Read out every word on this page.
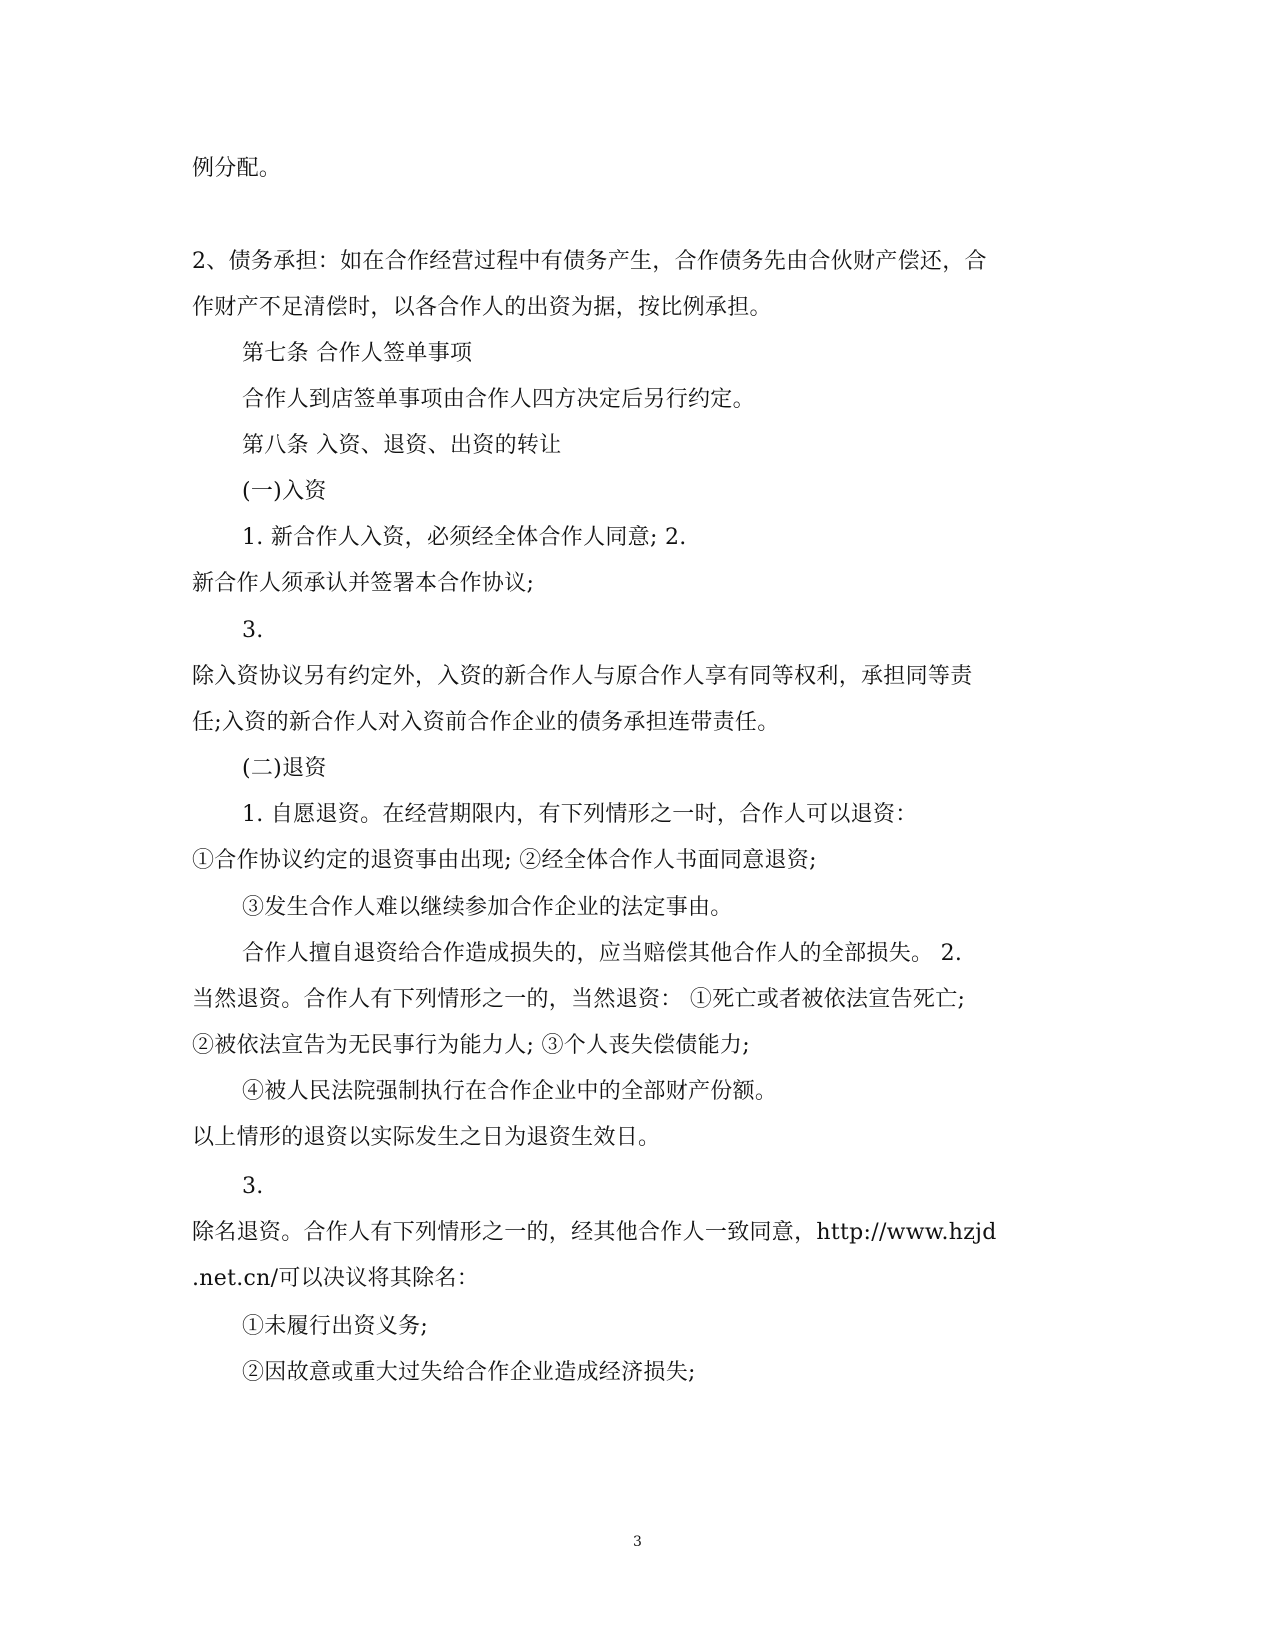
例分配。
2、债务承担：如在合作经营过程中有债务产生，合作债务先由合伙财产偿还，合
作财产不足清偿时，以各合作人的出资为据，按比例承担。
第七条 合作人签单事项
合作人到店签单事项由合作人四方决定后另行约定。
第八条 入资、退资、出资的转让
(一)入资
1. 新合作人入资，必须经全体合作人同意; 2.
新合作人须承认并签署本合作协议;
3.
除入资协议另有约定外，入资的新合作人与原合作人享有同等权利，承担同等责
任;入资的新合作人对入资前合作企业的债务承担连带责任。
(二)退资
1. 自愿退资。在经营期限内，有下列情形之一时，合作人可以退资：
①合作协议约定的退资事由出现; ②经全体合作人书面同意退资;
③发生合作人难以继续参加合作企业的法定事由。
合作人擅自退资给合作造成损失的，应当赔偿其他合作人的全部损失。 2.
当然退资。合作人有下列情形之一的，当然退资： ①死亡或者被依法宣告死亡;
②被依法宣告为无民事行为能力人; ③个人丧失偿债能力;
④被人民法院强制执行在合作企业中的全部财产份额。
以上情形的退资以实际发生之日为退资生效日。
3.
除名退资。合作人有下列情形之一的，经其他合作人一致同意，http://www.hzjd
.net.cn/可以决议将其除名：
①未履行出资义务;
②因故意或重大过失给合作企业造成经济损失;
3
